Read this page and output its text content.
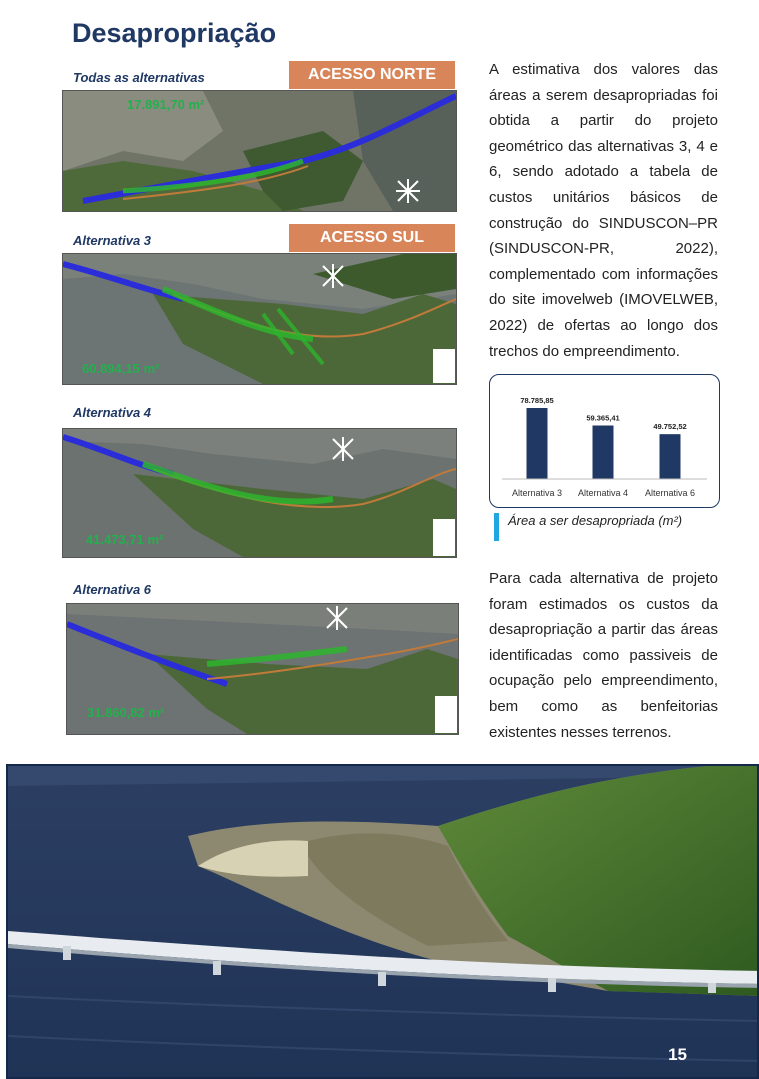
Desapropriação
Todas as alternativas	ACESSO NORTE
17.891,70 m²
Alternativa 3	ACESSO SUL
60.894,15 m²
Alternativa 4
41.473,71 m²
Alternativa 6
31.860,82 m²
A estimativa dos valores das áreas a serem desapropriadas foi obtida a partir do projeto geométrico das alternativas 3, 4 e 6, sendo adotado a tabela de custos unitários básicos de construção do SINDUSCON–PR (SINDUSCON-PR, 2022), complementado com informações do site imovelweb (IMOVELWEB, 2022) de ofertas ao longo dos trechos do empreendimento.
78.785,85
Alternativa 3
59.365,41
Alternativa 4
49.752,52
Alternativa 6
Área a ser desapropriada (m²)
Para cada alternativa de projeto foram estimados os custos da desapropriação a partir das áreas identificadas como passiveis de ocupação pelo empreendimento, bem como as benfeitorias existentes nesses terrenos.
15
